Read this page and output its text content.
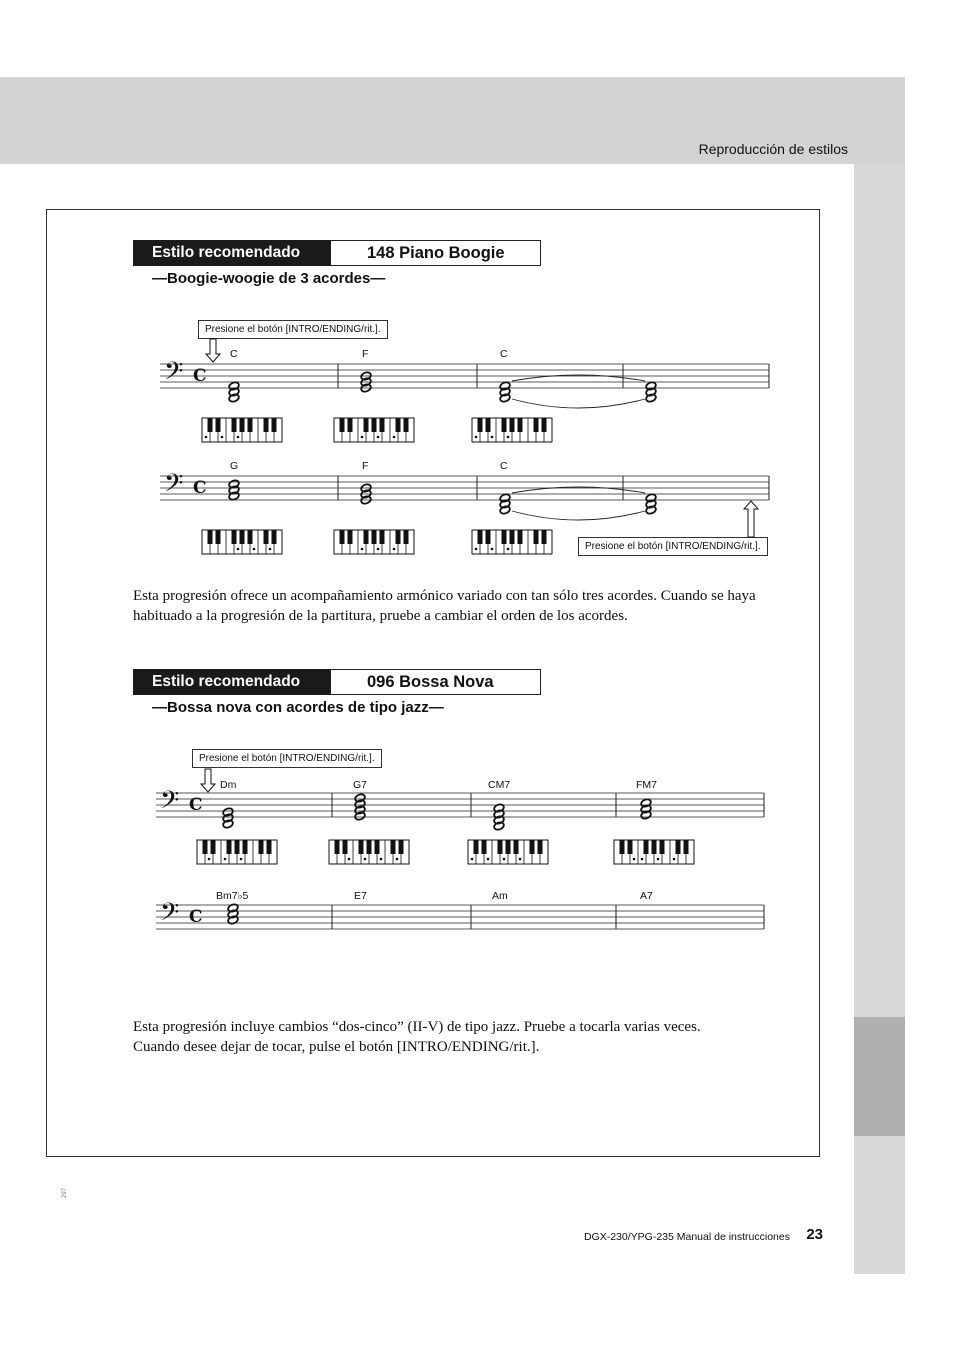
Reproducción de estilos
Estilo recomendado	148 Piano Boogie
—Boogie-woogie de 3 acordes—
Estilo recomendado	096 Bossa Nova
—Bossa nova con acordes de tipo jazz—
Presione el botón [INTRO/ENDING/rit.].
Presione el botón [INTRO/ENDING/rit.].
Presione el botón [INTRO/ENDING/rit.].
C	F	C
G	F	C
Dm	G7	CM7	FM7
Bm7♭5	E7	Am	A7
𝄢 C
𝄢 C
𝄢 C
𝄢 C
Esta progresión ofrece un acompañamiento armónico variado con tan sólo tres acordes. Cuando se haya
habituado a la progresión de la partitura, pruebe a cambiar el orden de los acordes.
Esta progresión incluye cambios “dos-cinco” (II-V) de tipo jazz. Pruebe a tocarla varias veces.
Cuando desee dejar de tocar, pulse el botón [INTRO/ENDING/rit.].
297
DGX-230/YPG-235 Manual de instrucciones 23
